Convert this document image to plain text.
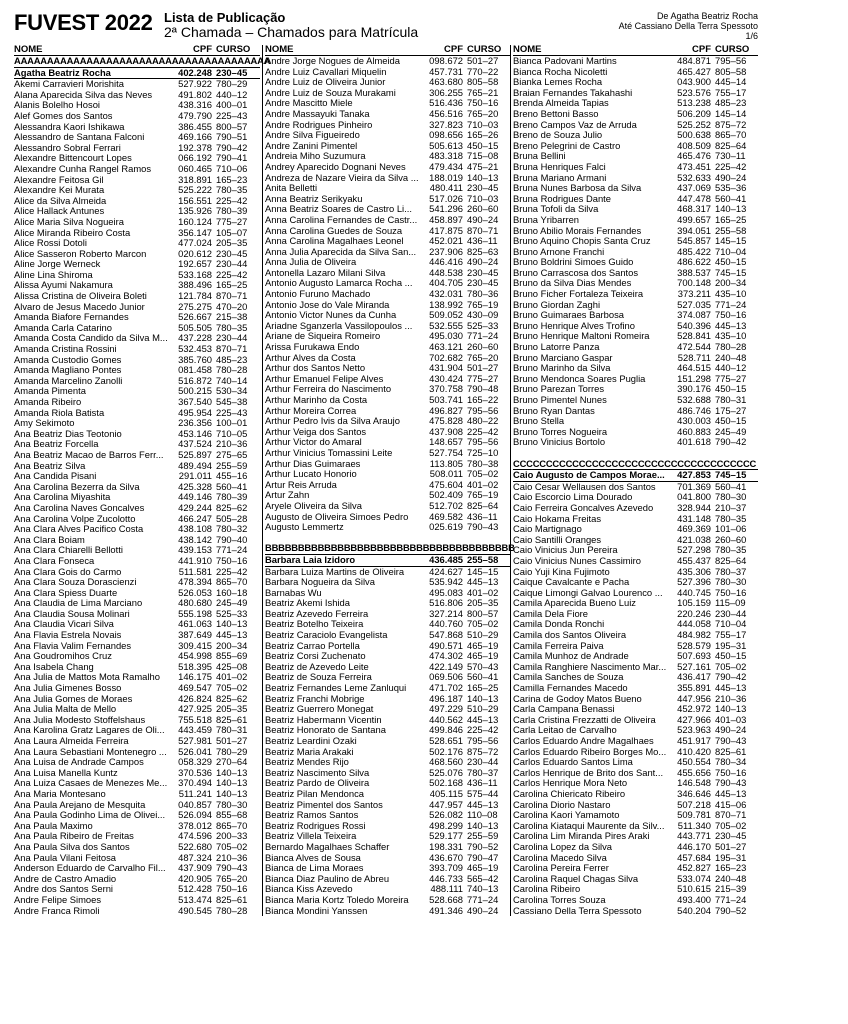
FUVEST 2022 Lista de Publicação
2ª Chamada – Chamados para Matrícula
De Agatha Beatriz Rocha
Até Cassiano Della Terra Spessoto
1/6
NOME	CPF CURSO
AAAAAAAAAAAAAAAAAAAAAAAAAAAAAAAAAAAAAAA
Agatha Beatriz Rocha	402.248 230–45
Akemi Carravieri Morishita	527.922 780–29
Alana Aparecida Silva das Neves	491.802 440–12
Alanis Bolelho Hosoi	438.316 400–01
Alef Gomes dos Santos	479.790 225–43
Alessandra Kaori Ishikawa	386.455 800–57
Alessandro de Santana Falconi	469.166 790–51
Alessandro Sobral Ferrari	192.378 790–42
Alexandre Bittencourt Lopes	066.192 790–41
Alexandre Cunha Rangel Ramos	060.465 710–06
Alexandre Feitosa Gil	318.891 165–23
Alexandre Kei Murata	525.222 780–35
Alice da Silva Almeida	156.551 225–42
Alice Hallack Antunes	135.926 780–39
Alice Maria Silva Nogueira	160.124 775–27
Alice Miranda Ribeiro Costa	356.147 105–07
Alice Rossi Dotoli	477.024 205–35
Alice Sasseron Roberto Marcon	020.612 230–45
Aline Jorge Werneck	192.657 230–44
Aline Lina Shiroma	533.168 225–42
Alissa Ayumi Nakamura	388.496 165–25
Alissa Cristina de Oliveira Boleti	121.784 870–71
Alvaro de Jesus Macedo Junior	275.275 470–20
Amanda Biafore Fernandes	526.667 215–38
Amanda Carla Catarino	505.505 780–35
Amanda Costa Candido da Silva M...	437.228 230–44
Amanda Cristina Rossini	532.453 870–71
Amanda Custodio Gomes	385.760 485–23
Amanda Magliano Pontes	081.458 780–28
Amanda Marcelino Zanolli	516.872 740–14
Amanda Pimenta	500.215 530–34
Amanda Ribeiro	367.540 545–38
Amanda Riola Batista	495.954 225–43
Amy Sekimoto	236.356 100–01
Ana Beatriz Dias Teotonio	453.146 710–05
Ana Beatriz Forcella	437.524 210–36
Ana Beatriz Macao de Barros Ferr...	525.897 275–65
Ana Beatriz Silva	489.494 255–59
Ana Candida Pisani	291.011 455–16
Ana Carolina Bezerra da Silva	425.328 560–41
Ana Carolina Miyashita	449.146 780–39
Ana Carolina Naves Goncalves	429.244 825–62
Ana Carolina Volpe Zucolotto	466.247 505–28
Ana Clara Alves Pacifico Costa	438.108 780–32
Ana Clara Boiam	438.142 790–40
Ana Clara Chiarelli Bellotti	439.153 771–24
Ana Clara Fonseca	441.910 750–16
Ana Clara Gois do Carmo	511.581 225–42
Ana Clara Souza Dorascienzi	478.394 865–70
Ana Clara Spiess Duarte	526.053 160–18
Ana Claudia de Lima Marciano	480.680 245–49
Ana Claudia Sousa Molinari	555.198 525–33
Ana Claudia Vicari Silva	461.063 140–13
Ana Flavia Estrela Novais	387.649 445–13
Ana Flavia Valim Fernandes	309.415 200–34
Ana Goudromihos Cruz	454.998 855–69
Ana Isabela Chang	518.395 425–08
Ana Julia de Mattos Mota Ramalho	146.175 401–02
Ana Julia Gimenes Bosso	469.547 705–02
Ana Julia Gomes de Moraes	426.824 825–62
Ana Julia Malta de Mello	427.925 205–35
Ana Julia Modesto Stoffelshaus	755.518 825–61
Ana Karolina Gratz Lagares de Oli...	443.459 780–31
Ana Laura Almeida Ferreira	527.981 501–27
Ana Laura Sebastiani Montenegro ...	526.041 780–29
Ana Luisa de Andrade Campos	058.329 270–64
Ana Luisa Manella Kuntz	370.536 140–13
Ana Luiza Casaes de Menezes Me...	370.494 140–13
Ana Maria Montesano	511.241 140–13
Ana Paula Arejano de Mesquita	040.857 780–30
Ana Paula Godinho Lima de Olivei...	526.094 855–68
Ana Paula Maximo	378.012 865–70
Ana Paula Ribeiro de Freitas	474.596 200–33
Ana Paula Silva dos Santos	522.680 705–02
Ana Paula Vilani Feitosa	487.324 210–36
Anderson Eduardo de Carvalho Fil...	437.909 790–43
Andre de Castro Amadio	420.905 765–20
Andre dos Santos Serni	512.428 750–16
Andre Felipe Simoes	513.474 825–61
Andre Franca Rimoli	490.545 780–28
NOME	CPF CURSO
Andre Jorge Nogues de Almeida	098.672 501–27
Andre Luiz Cavallari Miquelin	457.731 770–22
Andre Luiz de Oliveira Junior	463.680 805–58
Andre Luiz de Souza Murakami	306.255 765–21
Andre Mascitto Miele	516.436 750–16
Andre Massayuki Tanaka	456.516 765–20
Andre Rodrigues Pinheiro	327.823 710–03
Andre Silva Figueiredo	098.656 165–26
Andre Zanini Pimentel	505.613 450–15
Andreia Miho Suzumura	483.318 715–08
Andrey Aparecido Dognani Neves	479.434 475–21
Andreza de Nazare Vieira da Silva ...	188.019 140–13
Anita Belletti	480.411 230–45
Anna Beatriz Serikyaku	517.026 710–03
Anna Beatriz Soares de Castro Li...	541.296 260–60
Anna Carolina Fernandes de Castr...	458.897 490–24
Anna Carolina Guedes de Souza	417.875 870–71
Anna Carolina Magalhaes Leonel	452.021 436–11
Anna Julia Aparecida da Silva San...	237.906 825–63
Anna Julia de Oliveira	446.416 490–24
Antonella Lazaro Milani Silva	448.538 230–45
Antonio Augusto Lamarca Rocha ...	404.705 230–45
Antonio Furuno Machado	432.031 780–36
Antonio Jose do Vale Miranda	138.992 765–19
Antonio Victor Nunes da Cunha	509.052 430–09
Ariadne Sganzerla Vassilopoulos ...	532.555 525–33
Ariane de Siqueira Romeiro	495.030 771–24
Arissa Furukawa Endo	463.121 260–60
Arthur Alves da Costa	702.682 765–20
Arthur dos Santos Netto	431.904 501–27
Arthur Emanuel Felipe Alves	430.424 775–27
Arthur Ferreira do Nascimento	370.758 790–48
Arthur Marinho da Costa	503.741 165–22
Arthur Moreira Correa	496.827 795–56
Arthur Pedro Ivis da Silva Araujo	475.828 480–22
Arthur Veiga dos Santos	437.908 225–42
Arthur Victor do Amaral	148.657 795–56
Arthur Vinicius Tomassini Leite	527.754 725–10
Arthur Dias Guimaraes	113.805 780–38
Arthur Lucato Honorio	508.011 705–02
Artur Reis Arruda	475.604 401–02
Artur Zahn	502.409 765–19
Aryele Oliveira da Silva	512.702 825–64
Augusto de Oliveira Simoes Pedro	469.582 436–11
Augusto Lemmertz	025.619 790–43
BBBBBBBBBBBBBBBBBBBBBBBBBBBBBBBBBBBBBB
Barbara Laia Izidoro	436.485 255–58
Barbara Luiza Martins de Oliveira	424.627 145–15
Barbara Nogueira da Silva	535.942 445–13
Barnabas Wu	495.083 401–02
Beatriz Akemi Ishida	516.806 205–35
Beatriz Azevedo Ferreira	327.214 800–57
Beatriz Botelho Teixeira	440.760 705–02
Beatriz Caraciolo Evangelista	547.868 510–29
Beatriz Carrao Portella	490.571 465–19
Beatriz Corsi Zuchenato	474.302 465–19
Beatriz de Azevedo Leite	422.149 570–43
Beatriz de Souza Ferreira	069.506 560–41
Beatriz Fernandes Leme Zanluqui	471.702 165–25
Beatriz Franchi Mobrige	496.187 140–13
Beatriz Guerrero Monegat	497.229 510–29
Beatriz Habermann Vicentin	440.562 445–13
Beatriz Honorato de Santana	499.846 225–42
Beatriz Leardini Ozaki	528.651 795–56
Beatriz Maria Arakaki	502.176 875–72
Beatriz Mendes Rijo	468.560 230–44
Beatriz Nascimento Silva	525.076 780–37
Beatriz Pardo de Oliveira	502.168 436–11
Beatriz Pilan Mendonca	405.115 575–44
Beatriz Pimentel dos Santos	447.957 445–13
Beatriz Ramos Santos	526.082 110–08
Beatriz Rodrigues Rossi	498.299 140–13
Beatriz Villela Teixeira	529.177 255–59
Bernardo Magalhaes Schaffer	198.331 790–52
Bianca Alves de Sousa	436.670 790–47
Bianca de Lima Moraes	393.709 465–19
Bianca Diaz Paulino de Abreu	446.733 565–42
Bianca Kiss Azevedo	488.111 740–13
Bianca Maria Kortz Toledo Moreira	528.668 771–24
Bianca Mondini Yanssen	491.346 490–24
NOME	CPF CURSO
Bianca Padovani Martins	484.871 795–56
Bianca Rocha Nicoletti	465.427 805–58
Bianka Lemes Rocha	043.900 445–14
Braian Fernandes Takahashi	523.576 755–17
Brenda Almeida Tapias	513.238 485–23
Breno Bettoni Basso	506.209 145–14
Breno Campos Vaz de Arruda	525.252 875–72
Breno de Souza Julio	500.638 865–70
Breno Pelegrini de Castro	408.509 825–64
Bruna Bellini	465.476 730–11
Bruna Henriques Falci	473.451 225–42
Bruna Mariano Armani	532.633 490–24
Bruna Nunes Barbosa da Silva	437.069 535–36
Bruna Rodrigues Dante	447.478 560–41
Bruna Tofoli da Silva	468.317 140–13
Bruna Yribarren	499.657 165–25
Bruno Abilio Morais Fernandes	394.051 255–58
Bruno Aquino Chopis Santa Cruz	545.857 145–15
Bruno Arnone Franchi	485.422 710–04
Bruno Boldrini Simoes Guido	486.622 450–15
Bruno Carrascosa dos Santos	388.537 745–15
Bruno da Silva Dias Mendes	700.148 200–34
Bruno Ficher Fortaleza Teixeira	373.211 435–10
Bruno Giordan Zaghi	527.035 771–24
Bruno Guimaraes Barbosa	374.087 750–16
Bruno Henrique Alves Trofino	540.396 445–13
Bruno Henrique Maltoni Romeira	528.841 435–10
Bruno Latorre Panza	472.544 780–28
Bruno Marciano Gaspar	528.711 240–48
Bruno Marinho da Silva	464.515 440–12
Bruno Mendonca Soares Puglia	151.298 775–27
Bruno Parezan Torres	390.176 450–15
Bruno Pimentel Nunes	532.688 780–31
Bruno Ryan Dantas	486.746 175–27
Bruno Stella	430.003 450–15
Bruno Torres Nogueira	460.883 245–49
Bruno Vinicius Bortolo	401.618 790–42
CCCCCCCCCCCCCCCCCCCCCCCCCCCCCCCCCCCCC
Caio Augusto de Campos Morae...	427.853 745–15
Caio Cesar Wellausen dos Santos	701.369 560–41
Caio Escorcio Lima Dourado	041.800 780–30
Caio Ferreira Goncalves Azevedo	328.944 210–37
Caio Hokama Freitas	431.148 780–35
Caio Martignago	469.369 101–06
Caio Santilli Oranges	421.038 260–60
Caio Vinicius Jun Pereira	527.298 780–35
Caio Vinicius Nunes Cassimiro	455.437 825–64
Caio Yuji Kina Fujimoto	435.306 780–37
Caique Cavalcante e Pacha	527.396 780–30
Caique Limongi Galvao Lourenco ...	440.745 750–16
Camila Aparecida Bueno Luiz	105.159 115–09
Camila Dela Fiore	220.246 230–44
Camila Donda Ronchi	444.058 710–04
Camila dos Santos Oliveira	484.982 755–17
Camila Ferreira Paiva	528.579 195–31
Camila Munhoz de Andrade	507.693 450–15
Camila Ranghiere Nascimento Mar...	527.161 705–02
Camila Sanches de Souza	436.417 790–42
Camilla Fernandes Macedo	355.891 445–13
Carina de Godoy Matos Bueno	447.956 210–36
Carla Campana Benassi	452.972 140–13
Carla Cristina Frezzatti de Oliveira	427.966 401–03
Carla Leitao de Carvalho	523.963 490–24
Carlos Eduardo Andre Magalhaes	451.917 790–43
Carlos Eduardo Ribeiro Borges Mo...	410.420 825–61
Carlos Eduardo Santos Lima	450.554 780–34
Carlos Henrique de Brito dos Sant...	455.656 750–16
Carlos Henrique Mora Neto	146.548 790–43
Carolina Chiericato Ribeiro	346.646 445–13
Carolina Diorio Nastaro	507.218 415–06
Carolina Kaori Yamamoto	509.781 870–71
Carolina Kiataqui Maurente da Silv...	511.340 705–02
Carolina Lim Miranda Pires Araki	443.771 230–45
Carolina Lopez da Silva	446.170 501–27
Carolina Macedo Silva	457.684 195–31
Carolina Pereira Ferrer	452.827 165–23
Carolina Raquel Chagas Silva	533.074 240–48
Carolina Ribeiro	510.615 215–39
Carolina Torres Souza	493.400 771–24
Cassiano Della Terra Spessoto	540.204 790–52
